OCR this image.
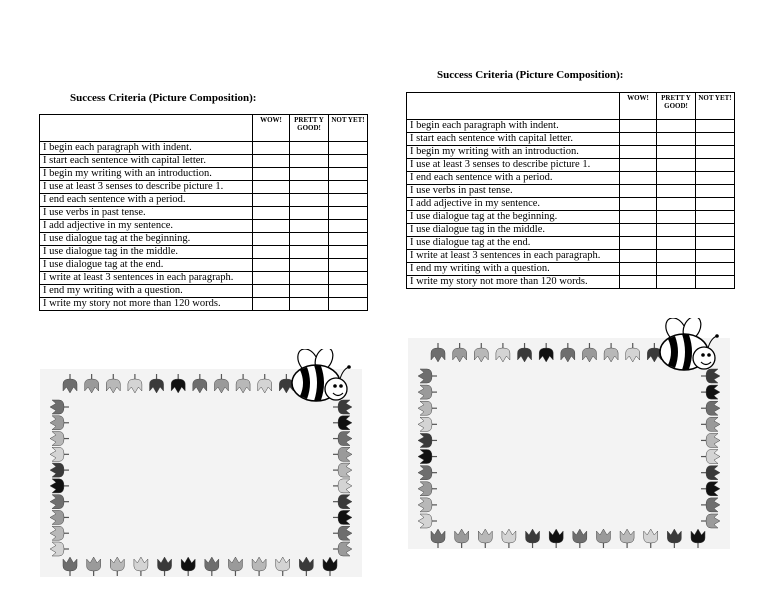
Success Criteria (Picture Composition):
	WOW!	PRETT Y GOOD!	NOT YET!
I begin each paragraph with indent.			
I start each sentence with capital letter.			
I begin my writing with an introduction.			
I use at least 3 senses to describe picture 1.			
I end each sentence with a period.			
I use verbs in past tense.			
I add adjective in my sentence.			
I use dialogue tag at the beginning.			
I use dialogue tag in the middle.			
I use dialogue tag at the end.			
I write at least 3 sentences in each paragraph.			
I end my writing with a question.			
I write my story not more than 120 words.			
Success Criteria (Picture Composition):
	WOW!	PRETT Y GOOD!	NOT YET!
I begin each paragraph with indent.			
I start each sentence with capital letter.			
I begin my writing with an introduction.			
I use at least 3 senses to describe picture 1.			
I end each sentence with a period.			
I use verbs in past tense.			
I add adjective in my sentence.			
I use dialogue tag at the beginning.			
I use dialogue tag in the middle.			
I use dialogue tag at the end.			
I write at least 3 sentences in each paragraph.			
I end my writing with a question.			
I write my story not more than 120 words.			
